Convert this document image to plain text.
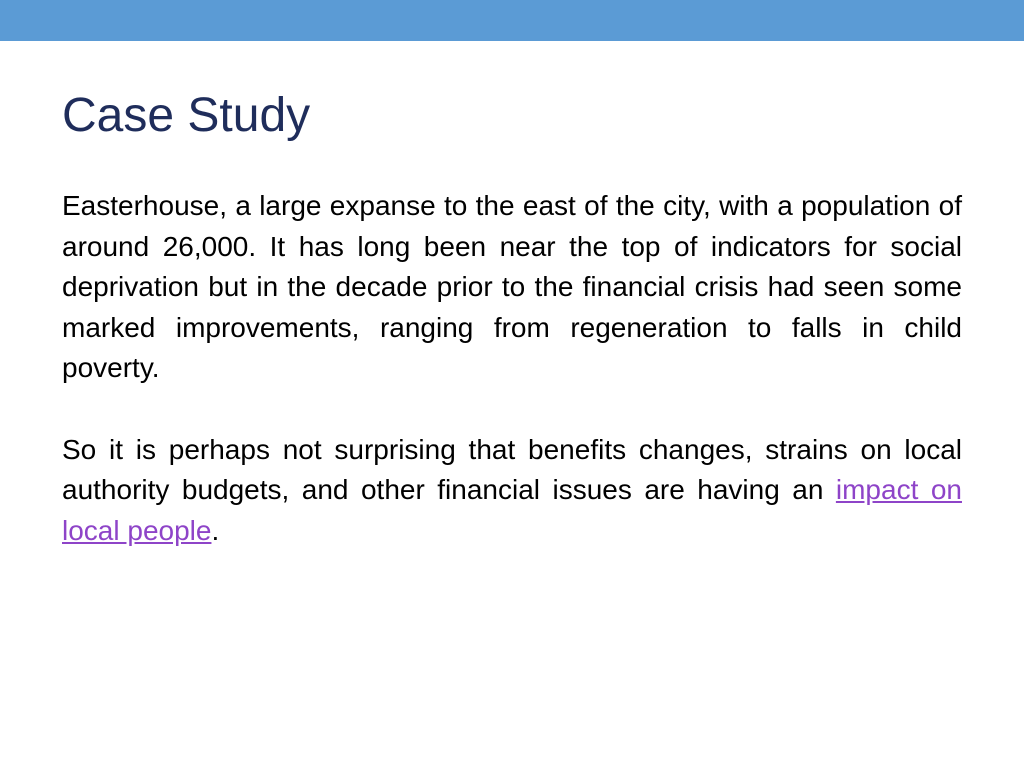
Case Study

Easterhouse, a large expanse to the east of the city, with a population of around 26,000. It has long been near the top of indicators for social deprivation but in the decade prior to the financial crisis had seen some marked improvements, ranging from regeneration to falls in child poverty.

So it is perhaps not surprising that benefits changes, strains on local authority budgets, and other financial issues are having an impact on local people.
